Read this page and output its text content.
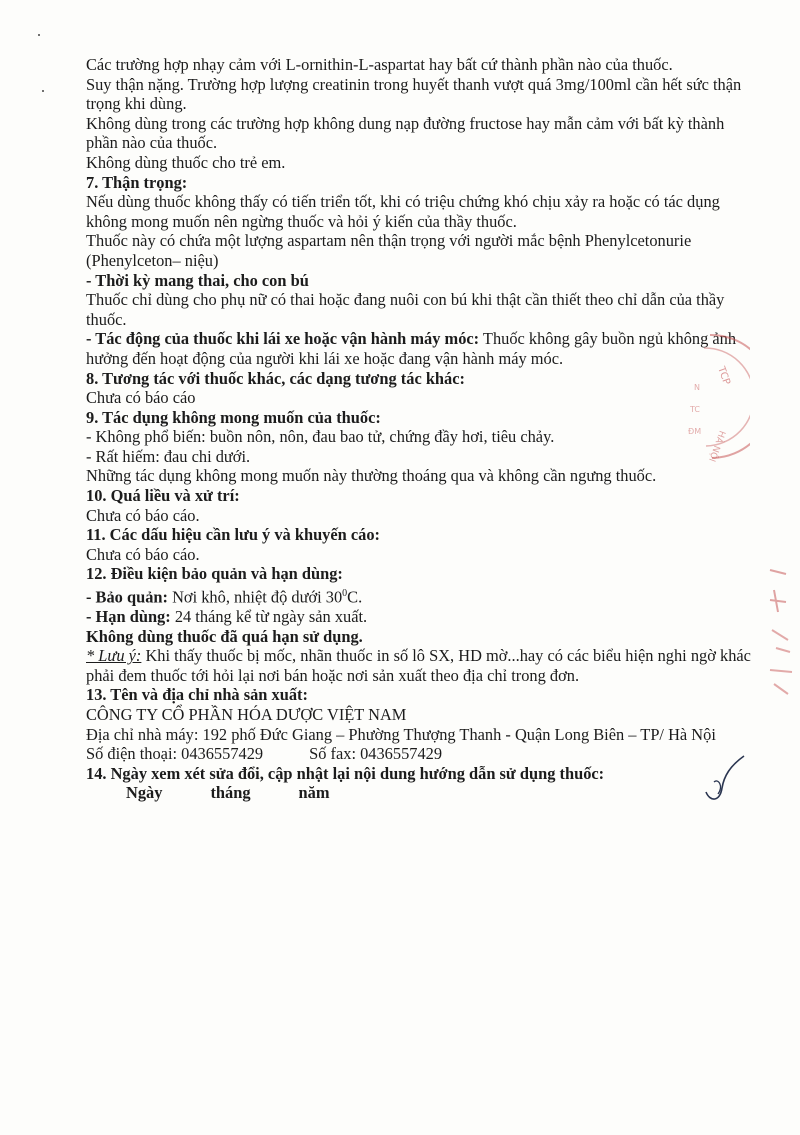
Các trường hợp nhạy cảm với L-ornithin-L-aspartat hay bất cứ thành phần nào của thuốc.

Suy thận nặng. Trường hợp lượng creatinin trong huyết thanh vượt quá 3mg/100ml cần hết sức thận trọng khi dùng.

Không dùng trong các trường hợp không dung nạp đường fructose hay mẫn cảm với bất kỳ thành phần nào của thuốc.

Không dùng thuốc cho trẻ em.

7. Thận trọng:

Nếu dùng thuốc không thấy có tiến triển tốt, khi có triệu chứng khó chịu xảy ra hoặc có tác dụng không mong muốn nên ngừng thuốc và hỏi ý kiến của thầy thuốc.

Thuốc này có chứa một lượng aspartam nên thận trọng với người mắc bệnh Phenylcetonurie (Phenylceton– niệu)

- Thời kỳ mang thai, cho con bú

Thuốc chỉ dùng cho phụ nữ có thai hoặc đang nuôi con bú khi thật cần thiết theo chỉ dẫn của thầy thuốc.

- Tác động của thuốc khi lái xe hoặc vận hành máy móc: Thuốc không gây buồn ngủ không ảnh hưởng đến hoạt động của người khi lái xe hoặc đang vận hành máy móc.

8. Tương tác với thuốc khác, các dạng tương tác khác:

Chưa có báo cáo

9. Tác dụng không mong muốn của thuốc:

- Không phổ biến: buồn nôn, nôn, đau bao tử, chứng đầy hơi, tiêu chảy.

- Rất hiếm: đau chi dưới.

Những tác dụng không mong muốn này thường thoáng qua và không cần ngưng thuốc.

10. Quá liều và xử trí:

Chưa có báo cáo.

11. Các dấu hiệu cần lưu ý và khuyến cáo:

Chưa có báo cáo.

12. Điều kiện bảo quản và hạn dùng:

- Bảo quản: Nơi khô, nhiệt độ dưới $30^0C$.

- Hạn dùng: 24 tháng kể từ ngày sản xuất.

Không dùng thuốc đã quá hạn sử dụng.

* Lưu ý: Khi thấy thuốc bị mốc, nhãn thuốc in số lô SX, HD mờ...hay có các biểu hiện nghi ngờ khác phải đem thuốc tới hỏi lại nơi bán hoặc nơi sản xuất theo địa chỉ trong đơn.

13. Tên và địa chỉ nhà sản xuất:

CÔNG TY CỔ PHẦN HÓA DƯỢC VIỆT NAM

Địa chỉ nhà máy: 192 phố Đức Giang – Phường Thượng Thanh - Quận Long Biên – TP/ Hà Nội

Số điện thoại: 0436557429	Số fax: 0436557429

14. Ngày xem xét sửa đổi, cập nhật lại nội dung hướng dẫn sử dụng thuốc:

Ngày	tháng	năm

TCP
HÀ NỘI
N
TC
ĐM
